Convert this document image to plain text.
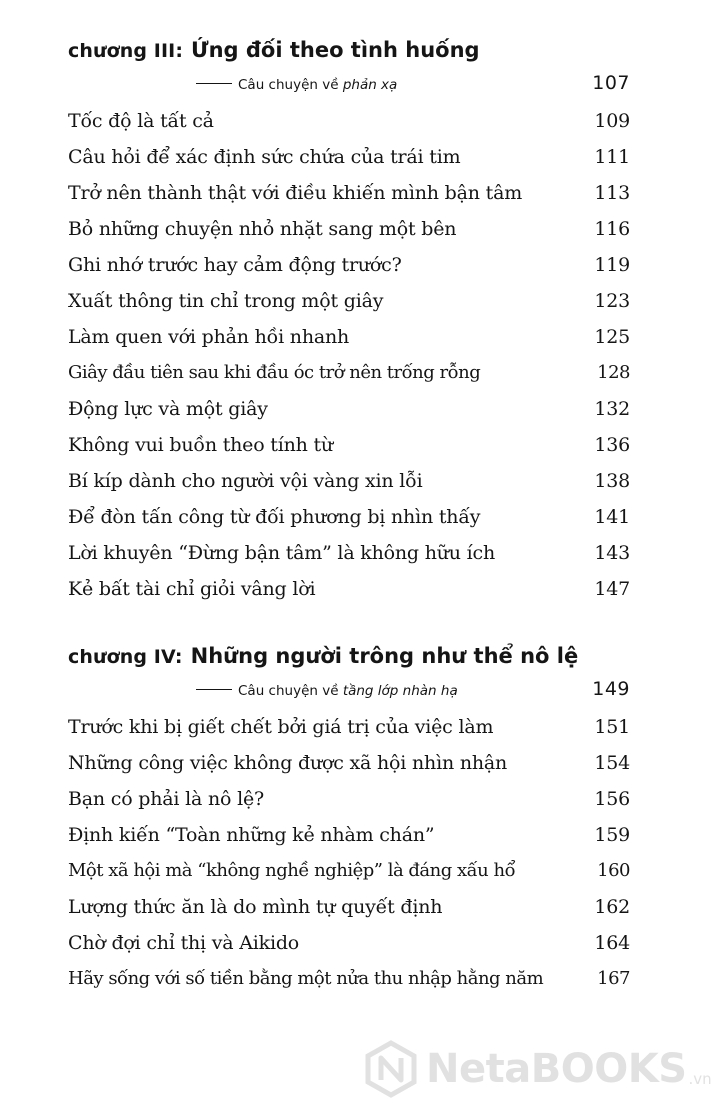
chương III: Ứng đối theo tình huống
Câu chuyện về phản xạ	107
Tốc độ là tất cả	109
Câu hỏi để xác định sức chứa của trái tim	111
Trở nên thành thật với điều khiến mình bận tâm	113
Bỏ những chuyện nhỏ nhặt sang một bên	116
Ghi nhớ trước hay cảm động trước?	119
Xuất thông tin chỉ trong một giây	123
Làm quen với phản hồi nhanh	125
Giây đầu tiên sau khi đầu óc trở nên trống rỗng	128
Động lực và một giây	132
Không vui buồn theo tính từ	136
Bí kíp dành cho người vội vàng xin lỗi	138
Để đòn tấn công từ đối phương bị nhìn thấy	141
Lời khuyên “Đừng bận tâm” là không hữu ích	143
Kẻ bất tài chỉ giỏi vâng lời	147
chương IV: Những người trông như thể nô lệ
Câu chuyện về tầng lớp nhàn hạ	149
Trước khi bị giết chết bởi giá trị của việc làm	151
Những công việc không được xã hội nhìn nhận	154
Bạn có phải là nô lệ?	156
Định kiến “Toàn những kẻ nhàm chán”	159
Một xã hội mà “không nghề nghiệp” là đáng xấu hổ	160
Lượng thức ăn là do mình tự quyết định	162
Chờ đợi chỉ thị và Aikido	164
Hãy sống với số tiền bằng một nửa thu nhập hằng năm	167
NetaBOOKS .vn
